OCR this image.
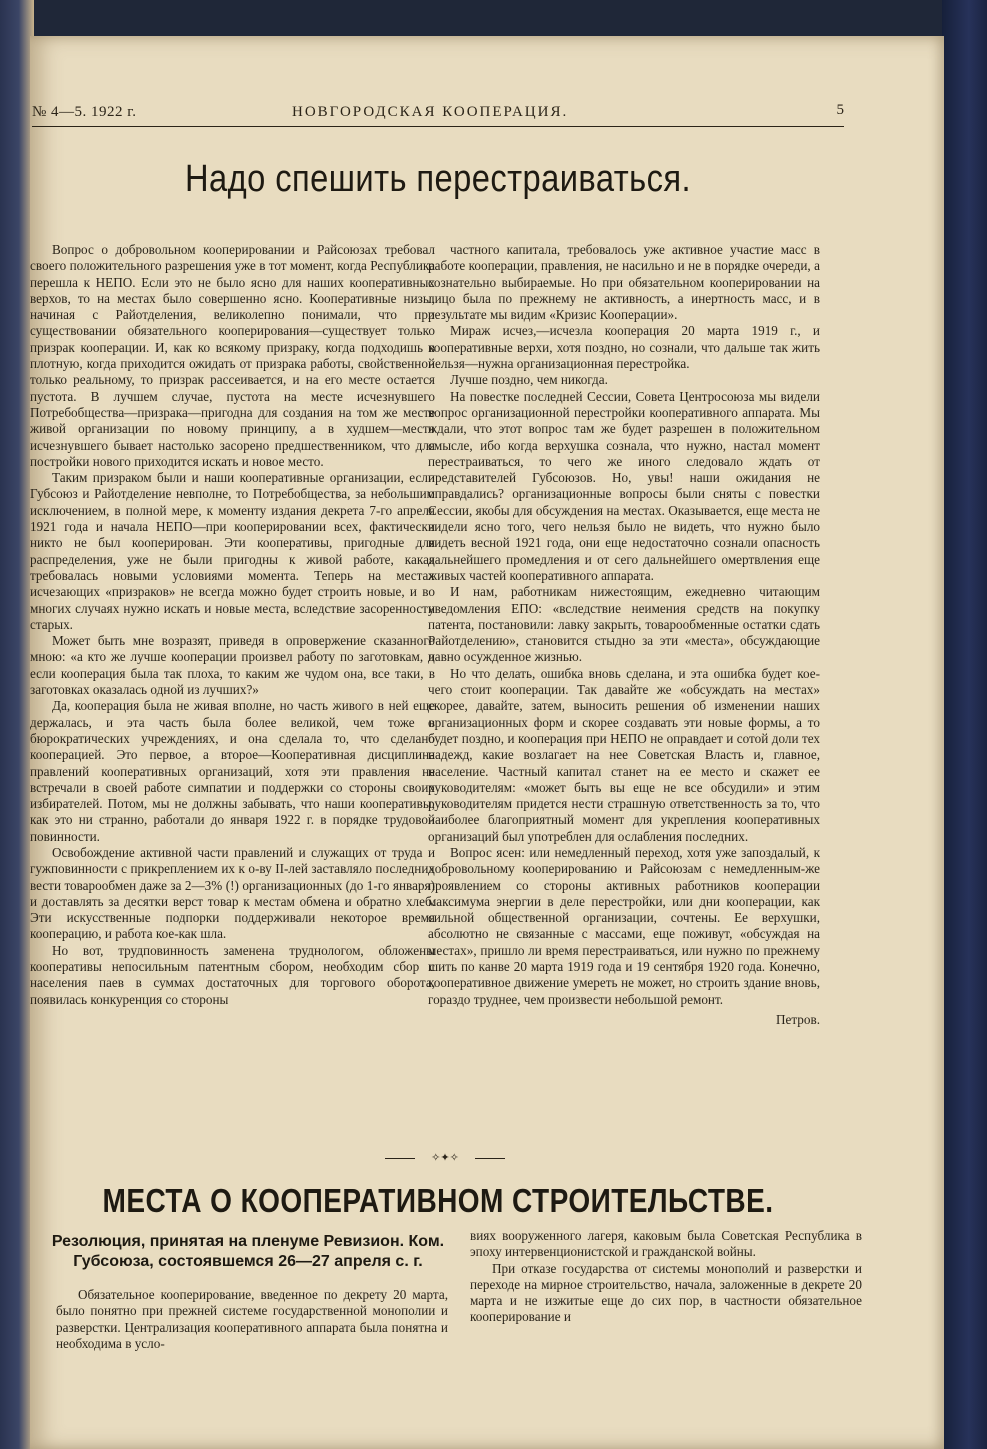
№ 4—5. 1922 г.	НОВГОРОДСКАЯ КООПЕРАЦИЯ.	5
Надо спешить перестраиваться.

Вопрос о добровольном кооперировании и Райсоюзах требовал своего положительного разрешения уже в тот момент, когда Республика перешла к НЕПО. Если это не было ясно для наших кооперативных верхов, то на местах было совершенно ясно. Кооперативные низы, начиная с Райотделения, великолепно понимали, что при существовании обязательного кооперирования—существует только призрак кооперации. И, как ко всякому призраку, когда подходишь в плотную, когда приходится ожидать от призрака работы, свойственной только реальному, то призрак рассеивается, и на его месте остается пустота. В лучшем случае, пустота на месте исчезнувшего Потребобщества—призрака—пригодна для создания на том же месте живой организации по новому принципу, а в худшем—место исчезнувшего бывает настолько засорено предшественником, что для постройки нового приходится искать и новое место.

Таким призраком были и наши кооперативные организации, если Губсоюз и Райотделение невполне, то Потребобщества, за небольшим исключением, в полной мере, к моменту издания декрета 7-го апреля 1921 года и начала НЕПО—при кооперировании всех, фактически никто не был кооперирован. Эти кооперативы, пригодные для распределения, уже не были пригодны к живой работе, какая требовалась новыми условиями момента. Теперь на местах исчезающих «призраков» не всегда можно будет строить новые, и во многих случаях нужно искать и новые места, вследствие засоренности старых.

Может быть мне возразят, приведя в опровержение сказанного мною: «а кто же лучше кооперации произвел работу по заготовкам, и если кооперация была так плоха, то каким же чудом она, все таки, в заготовках оказалась одной из лучших?»

Да, кооперация была не живая вполне, но часть живого в ней еще держалась, и эта часть была более великой, чем тоже в бюрократических учреждениях, и она сделала то, что сделано кооперацией. Это первое, а второе—Кооперативная дисциплина правлений кооперативных организаций, хотя эти правления не встречали в своей работе симпатии и поддержки со стороны своих избирателей. Потом, мы не должны забывать, что наши кооперативы, как это ни странно, работали до января 1922 г. в порядке трудовой повинности.

Освобождение активной части правлений и служащих от труда и гужповинности с прикреплением их к о-ву II-лей заставляло последних вести товарообмен даже за 2—3% (!) организационных (до 1-го января) и доставлять за десятки верст товар к местам обмена и обратно хлеб. Эти искусственные подпорки поддерживали некоторое время кооперацию, и работа кое-как шла.

Но вот, трудповинность заменена труднологом, обложены кооперативы непосильным патентным сбором, необходим сбор с населения паев в суммах достаточных для торгового оборота, появилась конкуренция со стороны

частного капитала, требовалось уже активное участие масс в работе кооперации, правления, не насильно и не в порядке очереди, а сознательно выбираемые. Но при обязательном кооперировании на лицо была по прежнему не активность, а инертность масс, и в результате мы видим «Кризис Кооперации».

Мираж исчез,—исчезла кооперация 20 марта 1919 г., и кооперативные верхи, хотя поздно, но сознали, что дальше так жить нельзя—нужна организационная перестройка.

Лучше поздно, чем никогда.

На повестке последней Сессии, Совета Центросоюза мы видели вопрос организационной перестройки кооперативного аппарата. Мы ждали, что этот вопрос там же будет разрешен в положительном смысле, ибо когда верхушка сознала, что нужно, настал момент перестраиваться, то чего же иного следовало ждать от представителей Губсоюзов. Но, увы! наши ожидания не оправдались? организационные вопросы были сняты с повестки Сессии, якобы для обсуждения на местах. Оказывается, еще места не видели ясно того, чего нельзя было не видеть, что нужно было видеть весной 1921 года, они еще недостаточно сознали опасность дальнейшего промедления и от сего дальнейшего омертвления еще живых частей кооперативного аппарата.

И нам, работникам нижестоящим, ежедневно читающим уведомления ЕПО: «вследствие неимения средств на покупку патента, постановили: лавку закрыть, товарообменные остатки сдать Райотделению», становится стыдно за эти «места», обсуждающие давно осужденное жизнью.

Но что делать, ошибка вновь сделана, и эта ошибка будет кое-чего стоит кооперации. Так давайте же «обсуждать на местах» скорее, давайте, затем, выносить решения об изменении наших организационных форм и скорее создавать эти новые формы, а то будет поздно, и кооперация при НЕПО не оправдает и сотой доли тех надежд, какие возлагает на нее Советская Власть и, главное, население. Частный капитал станет на ее место и скажет ее руководителям: «может быть вы еще не все обсудили» и этим руководителям придется нести страшную ответственность за то, что наиболее благоприятный момент для укрепления кооперативных организаций был употреблен для ослабления последних.

Вопрос ясен: или немедленный переход, хотя уже запоздалый, к добровольному кооперированию и Райсоюзам с немедленным-же проявлением со стороны активных работников кооперации максимума энергии в деле перестройки, или дни кооперации, как сильной общественной организации, сочтены. Ее верхушки, абсолютно не связанные с массами, еще поживут, «обсуждая на местах», пришло ли время перестраиваться, или нужно по прежнему шить по канве 20 марта 1919 года и 19 сентября 1920 года. Конечно, кооперативное движение умереть не может, но строить здание вновь, гораздо труднее, чем произвести небольшой ремонт.

Петров.
✧✦✧
МЕСТА О КООПЕРАТИВНОМ СТРОИТЕЛЬСТВЕ.
Резолюция, принятая на пленуме Ревизион. Ком. Губсоюза, состоявшемся 26—27 апреля с. г.

Обязательное кооперирование, введенное по декрету 20 марта, было понятно при прежней системе государственной монополии и разверстки. Централизация кооперативного аппарата была понятна и необходима в усло-

виях вооруженного лагеря, каковым была Советская Республика в эпоху интервенционистской и гражданской войны.

При отказе государства от системы монополий и разверстки и переходе на мирное строительство, начала, заложенные в декрете 20 марта и не изжитые еще до сих пор, в частности обязательное кооперирование и
